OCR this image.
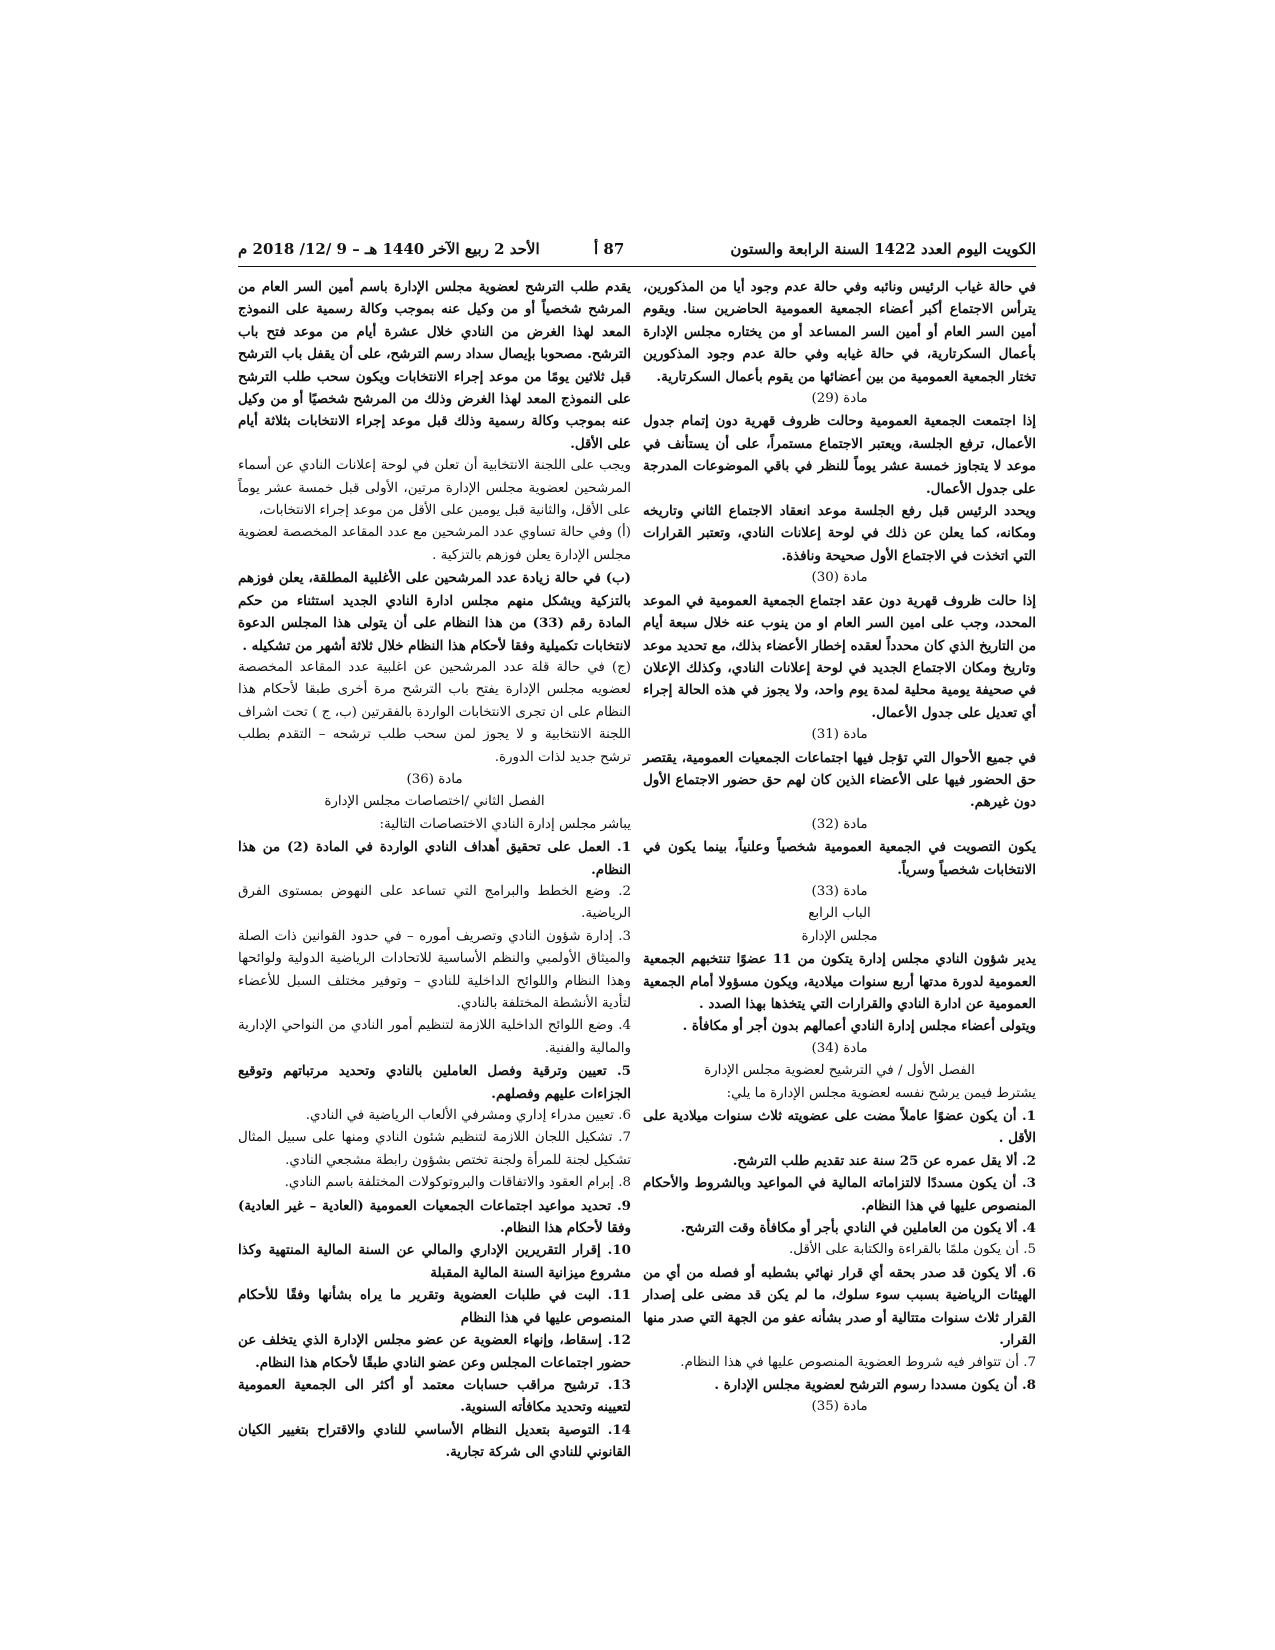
الكويت اليوم العدد 1422 السنة الرابعة والستون
87 أ
الأحد 2 ربيع الآخر 1440 هـ – 9 /12/ 2018 م

في حالة غياب الرئيس ونائبه وفي حالة عدم وجود أيا من المذكورين، يترأس الاجتماع أكبر أعضاء الجمعية العمومية الحاضرين سنا. ويقوم أمين السر العام أو أمين السر المساعد أو من يختاره مجلس الإدارة بأعمال السكرتارية، في حالة غيابه وفي حالة عدم وجود المذكورين تختار الجمعية العمومية من بين أعضائها من يقوم بأعمال السكرتارية.

مادة (29)

إذا اجتمعت الجمعية العمومية وحالت ظروف قهرية دون إتمام جدول الأعمال، ترفع الجلسة، ويعتبر الاجتماع مستمراً، على أن يستأنف في موعد لا يتجاوز خمسة عشر يوماً للنظر في باقي الموضوعات المدرجة على جدول الأعمال.

ويحدد الرئيس قبل رفع الجلسة موعد انعقاد الاجتماع الثاني وتاريخه ومكانه، كما يعلن عن ذلك في لوحة إعلانات النادي، وتعتبر القرارات التي اتخذت في الاجتماع الأول صحيحة ونافذة.

مادة (30)

إذا حالت ظروف قهرية دون عقد اجتماع الجمعية العمومية في الموعد المحدد، وجب على امين السر العام او من ينوب عنه خلال سبعة أيام من التاريخ الذي كان محدداً لعقده إخطار الأعضاء بذلك، مع تحديد موعد وتاريخ ومكان الاجتماع الجديد في لوحة إعلانات النادي، وكذلك الإعلان في صحيفة يومية محلية لمدة يوم واحد، ولا يجوز في هذه الحالة إجراء أي تعديل على جدول الأعمال.

مادة (31)

في جميع الأحوال التي تؤجل فيها اجتماعات الجمعيات العمومية، يقتصر حق الحضور فيها على الأعضاء الذين كان لهم حق حضور الاجتماع الأول دون غيرهم.

مادة (32)

يكون التصويت في الجمعية العمومية شخصياً وعلنياً، بينما يكون في الانتخابات شخصياً وسرياً.

مادة (33)

الباب الرابع

مجلس الإدارة

يدير شؤون النادي مجلس إدارة يتكون من 11 عضوًا تنتخبهم الجمعية العمومية لدورة مدتها أربع سنوات ميلادية، ويكون مسؤولا أمام الجمعية العمومية عن ادارة النادي والقرارات التي يتخذها بهذا الصدد .

ويتولى أعضاء مجلس إدارة النادي أعمالهم بدون أجر أو مكافأة .

مادة (34)

الفصل الأول / في الترشيح لعضوية مجلس الإدارة

يشترط فيمن يرشح نفسه لعضوية مجلس الإدارة ما يلي:

1. أن يكون عضوًا عاملاً مضت على عضويته ثلاث سنوات ميلادية على الأقل .

2. ألا يقل عمره عن 25 سنة عند تقديم طلب الترشح.

3. أن يكون مسددًا لالتزاماته المالية في المواعيد وبالشروط والأحكام المنصوص عليها في هذا النظام.

4. ألا يكون من العاملين في النادي بأجر أو مكافأة وقت الترشح.

5. أن يكون ملمًا بالقراءة والكتابة على الأقل.

6. ألا يكون قد صدر بحقه أي قرار نهائي بشطبه أو فصله من أي من الهيئات الرياضية بسبب سوء سلوك، ما لم يكن قد مضى على إصدار القرار ثلاث سنوات متتالية أو صدر بشأنه عفو من الجهة التي صدر منها القرار.

7. أن تتوافر فيه شروط العضوية المنصوص عليها في هذا النظام.

8. أن يكون مسددا رسوم الترشح لعضوية مجلس الإدارة .

مادة (35)

يقدم طلب الترشح لعضوية مجلس الإدارة باسم أمين السر العام من المرشح شخصياً أو من وكيل عنه بموجب وكالة رسمية على النموذج المعد لهذا الغرض من النادي خلال عشرة أيام من موعد فتح باب الترشح. مصحوبا بإيصال سداد رسم الترشح، على أن يقفل باب الترشح قبل ثلاثين يومًا من موعد إجراء الانتخابات ويكون سحب طلب الترشح على النموذج المعد لهذا الغرض وذلك من المرشح شخصيًا أو من وكيل عنه بموجب وكالة رسمية وذلك قبل موعد إجراء الانتخابات بثلاثة أيام على الأقل.

ويجب على اللجنة الانتخابية أن تعلن في لوحة إعلانات النادي عن أسماء المرشحين لعضوية مجلس الإدارة مرتين، الأولى قبل خمسة عشر يوماً على الأقل، والثانية قبل يومين على الأقل من موعد إجراء الانتخابات،

(أ) وفي حالة تساوي عدد المرشحين مع عدد المقاعد المخصصة لعضوية مجلس الإدارة يعلن فوزهم بالتزكية .

(ب) في حالة زيادة عدد المرشحين على الأغلبية المطلقة، يعلن فوزهم بالتزكية ويشكل منهم مجلس ادارة النادي الجديد استثناء من حكم المادة رقم (33) من هذا النظام على أن يتولى هذا المجلس الدعوة لانتخابات تكميلية وفقا لأحكام هذا النظام خلال ثلاثة أشهر من تشكيله .

(ج) في حالة قلة عدد المرشحين عن اغلبية عدد المقاعد المخصصة لعضويه مجلس الإدارة يفتح باب الترشح مرة أخرى طبقا لأحكام هذا النظام على ان تجرى الانتخابات الواردة بالفقرتين (ب، ج ) تحت اشراف اللجنة الانتخابية و لا يجوز لمن سحب طلب ترشحه – التقدم بطلب ترشح جديد لذات الدورة.

مادة (36)

الفصل الثاني /اختصاصات مجلس الإدارة

يباشر مجلس إدارة النادي الاختصاصات التالية:

1. العمل على تحقيق أهداف النادي الواردة في المادة (2) من هذا النظام.

2. وضع الخطط والبرامج التي تساعد على النهوض بمستوى الفرق الرياضية.

3. إدارة شؤون النادي وتصريف أموره – في حدود القوانين ذات الصلة والميثاق الأولمبي والنظم الأساسية للاتحادات الرياضية الدولية ولوائحها وهذا النظام واللوائح الداخلية للنادي – وتوفير مختلف السبل للأعضاء لتأدية الأنشطة المختلفة بالنادي.

4. وضع اللوائح الداخلية اللازمة لتنظيم أمور النادي من النواحي الإدارية والمالية والفنية.

5. تعيين وترقية وفصل العاملين بالنادي وتحديد مرتباتهم وتوقيع الجزاءات عليهم وفصلهم.

6. تعيين مدراء إداري ومشرفي الألعاب الرياضية في النادي.

7. تشكيل اللجان اللازمة لتنظيم شئون النادي ومنها على سبيل المثال تشكيل لجنة للمرأة ولجنة تختص بشؤون رابطة مشجعي النادي.

8. إبرام العقود والاتفاقات والبروتوكولات المختلفة باسم النادي.

9. تحديد مواعيد اجتماعات الجمعيات العمومية (العادية – غير العادية) وفقا لأحكام هذا النظام.

10. إقرار التقريرين الإداري والمالي عن السنة المالية المنتهية وكذا مشروع ميزانية السنة المالية المقبلة

11. البت في طلبات العضوية وتقرير ما يراه بشأنها وفقًا للأحكام المنصوص عليها في هذا النظام

12. إسقاط، وإنهاء العضوية عن عضو مجلس الإدارة الذي يتخلف عن حضور اجتماعات المجلس وعن عضو النادي طبقًا لأحكام هذا النظام.

13. ترشيح مراقب حسابات معتمد أو أكثر الى الجمعية العمومية لتعيينه وتحديد مكافأته السنوية.

14. التوصية بتعديل النظام الأساسي للنادي والاقتراح بتغيير الكيان القانوني للنادي الى شركة تجارية.
